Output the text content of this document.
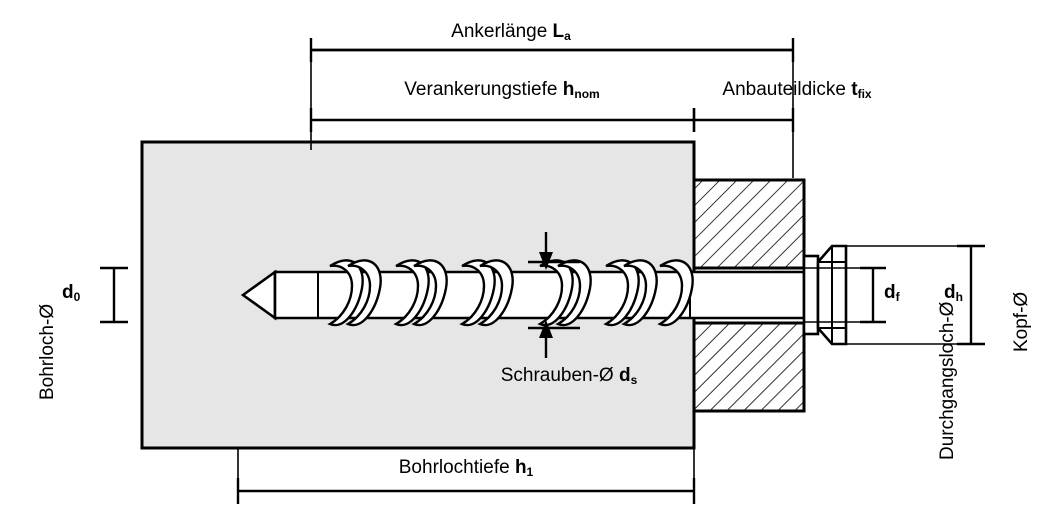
Ankerlänge $L_a$
Verankerungstiefe $h_{nom}$	Anbauteildicke $t_{fix}$
Bohrloch-Ø
$d_0$
Schrauben-Ø $d_s$
$d_f$
Durchgangsloch-Ø
$d_h$	Kopf-Ø
Bohrlochtiefe $h_1$
